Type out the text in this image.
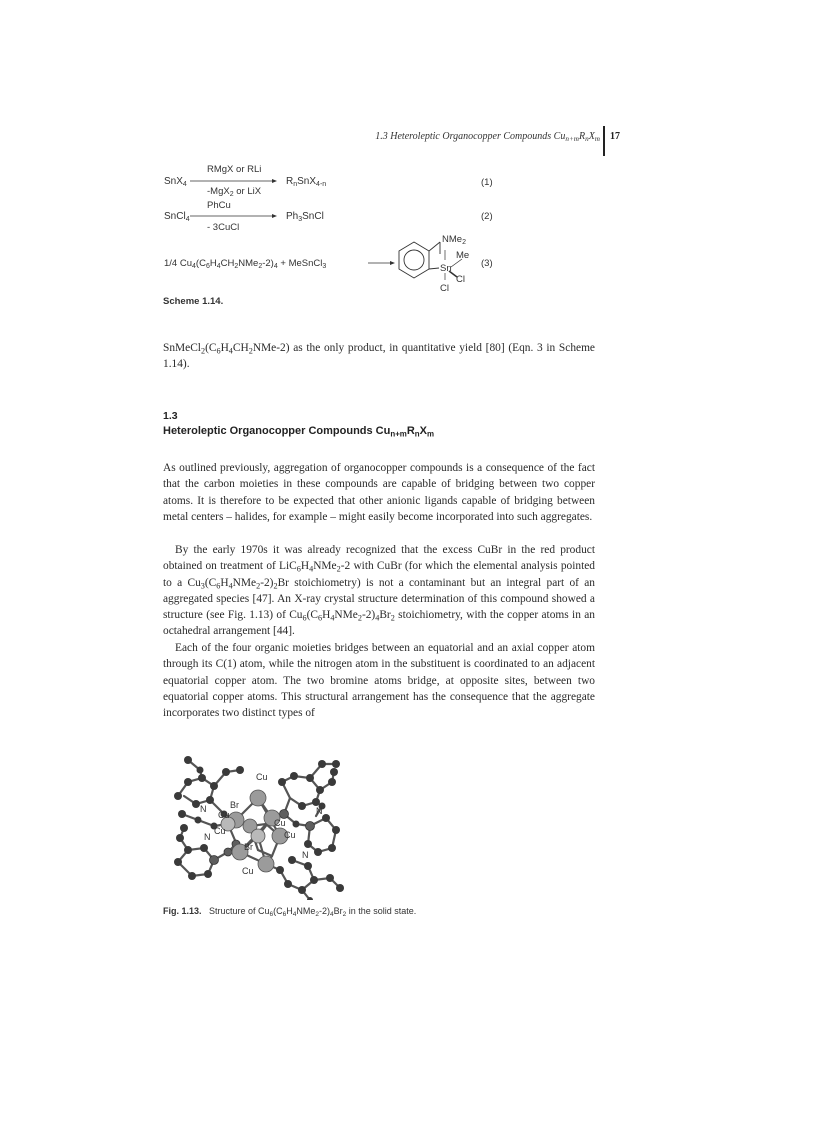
1.3 Heteroleptic Organocopper Compounds $Cu_{n+m}R_nX_m$ 17
SnX$_4$
RMgX or RLi
-MgX$_2$ or LiX
$R_nSnX_{4-n}$
SnCl$_4$
PhCu
- 3CuCl
$Ph_3SnCl$
1/4 $Cu_4(C_6H_4CH_2NMe_2-2)_4$ + MeSnCl$_3$
NMe$_2$
Me
Sn
Cl
Cl
(1)
(2)
(3)
Scheme 1.14.
$SnMeCl_2(C_6H_4CH_2NMe-2)$ as the only product, in quantitative yield [80] (Eqn. 3 in Scheme 1.14).
1.3
Heteroleptic Organocopper Compounds $Cu_{n+m}R_nX_m$
As outlined previously, aggregation of organocopper compounds is a consequence of the fact that the carbon moieties in these compounds are capable of bridging between two copper atoms. It is therefore to be expected that other anionic ligands capable of bridging between metal centers – halides, for example – might easily become incorporated into such aggregates.
By the early 1970s it was already recognized that the excess CuBr in the red product obtained on treatment of $LiC_6H_4NMe_2-2$ with CuBr (for which the elemental analysis pointed to a $Cu_3(C_6H_4NMe_2-2)_2Br$ stoichiometry) is not a contaminant but an integral part of an aggregated species [47]. An X-ray crystal structure determination of this compound showed a structure (see Fig. 1.13) of $Cu_6(C_6H_4NMe_2-2)_4Br_2$ stoichiometry, with the copper atoms in an octahedral arrangement [44].
Each of the four organic moieties bridges between an equatorial and an axial copper atom through its C(1) atom, while the nitrogen atom in the substituent is coordinated to an adjacent equatorial copper atom. The two bromine atoms bridge, at opposite sites, between two equatorial copper atoms. This structural arrangement has the consequence that the aggregate incorporates two distinct types of
Cu
N	Br
Cu
Cu
N
Cu	Cu
N
Br
N
Cu
Fig. 1.13.   Structure of $Cu_6(C_6H_4NMe_2-2)_4Br_2$ in the solid state.
